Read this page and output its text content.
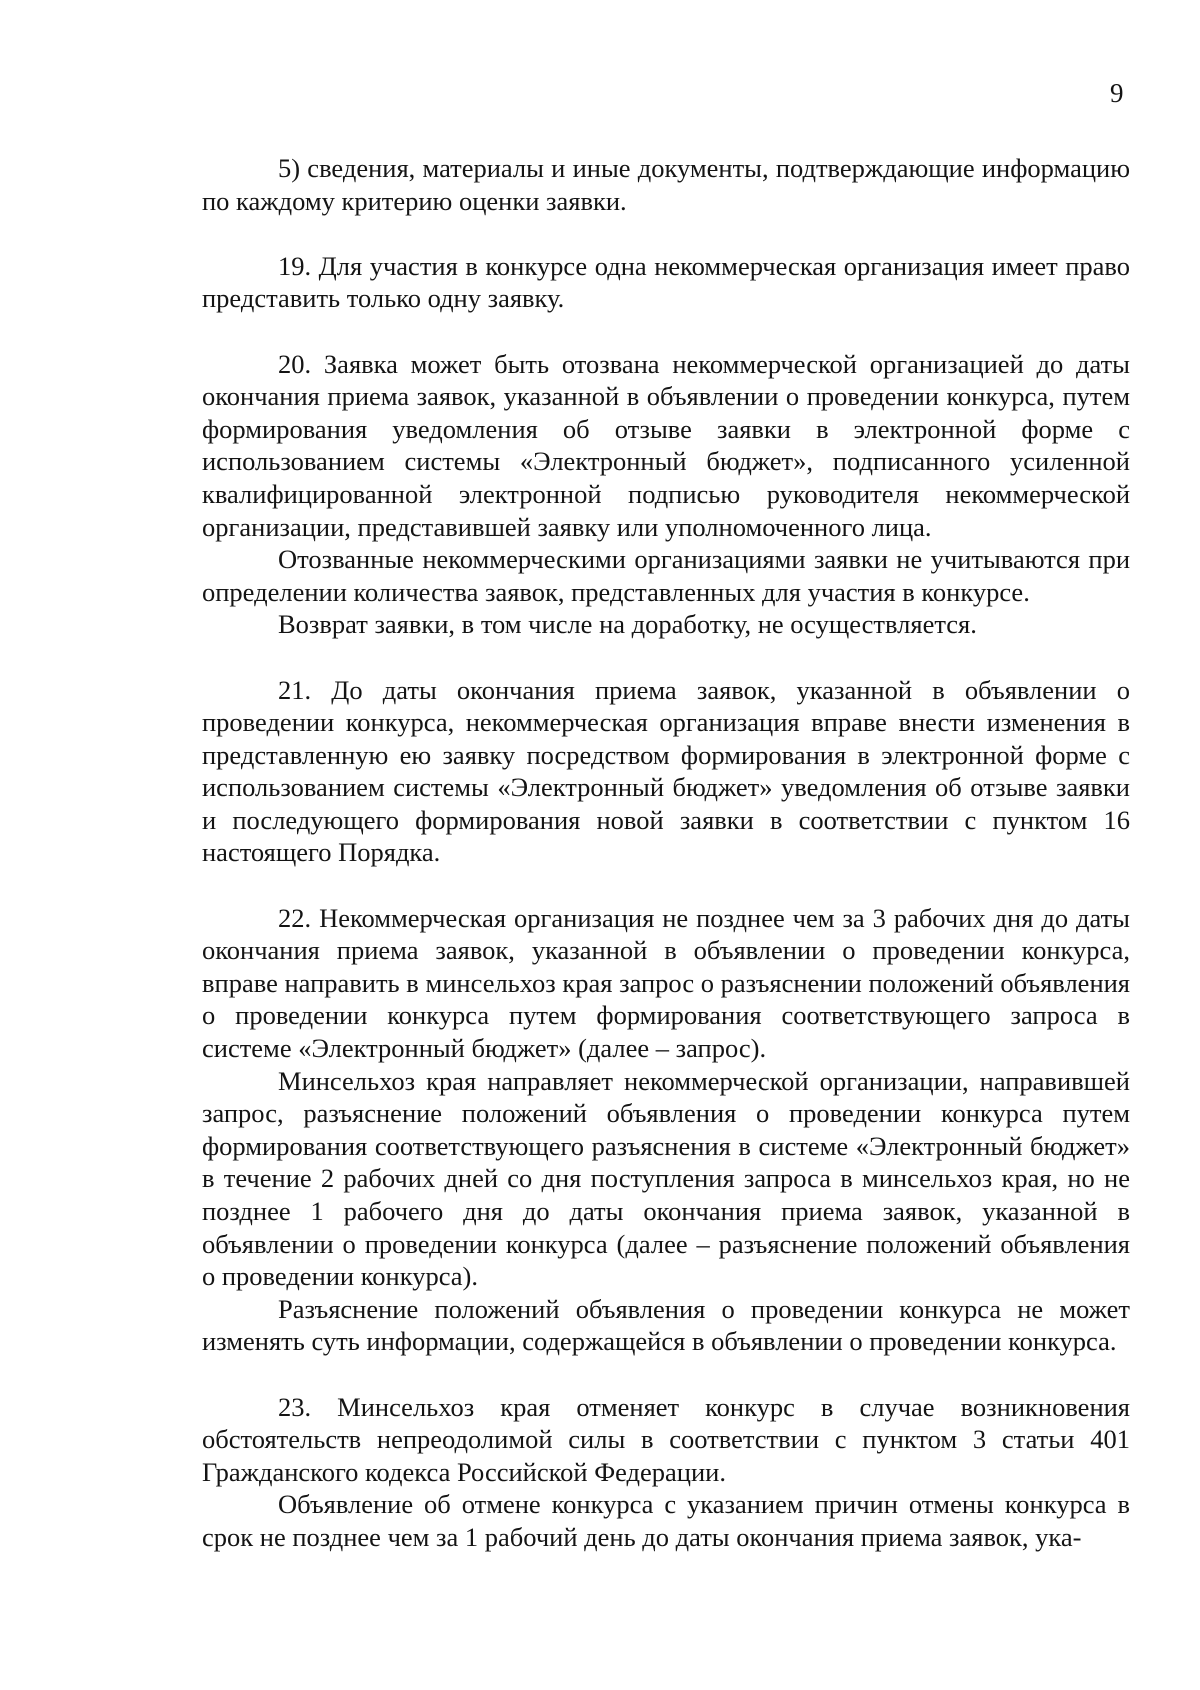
9

5) сведения, материалы и иные документы, подтверждающие информацию по каждому критерию оценки заявки.

19. Для участия в конкурсе одна некоммерческая организация имеет право представить только одну заявку.

20. Заявка может быть отозвана некоммерческой организацией до даты окончания приема заявок, указанной в объявлении о проведении конкурса, путем формирования уведомления об отзыве заявки в электронной форме с использованием системы «Электронный бюджет», подписанного усиленной квалифицированной электронной подписью руководителя некоммерческой организации, представившей заявку или уполномоченного лица.

Отозванные некоммерческими организациями заявки не учитываются при определении количества заявок, представленных для участия в конкурсе.

Возврат заявки, в том числе на доработку, не осуществляется.

21. До даты окончания приема заявок, указанной в объявлении о проведении конкурса, некоммерческая организация вправе внести изменения в представленную ею заявку посредством формирования в электронной форме с использованием системы «Электронный бюджет» уведомления об отзыве заявки и последующего формирования новой заявки в соответствии с пунктом 16 настоящего Порядка.

22. Некоммерческая организация не позднее чем за 3 рабочих дня до даты окончания приема заявок, указанной в объявлении о проведении конкурса, вправе направить в минсельхоз края запрос о разъяснении положений объявления о проведении конкурса путем формирования соответствующего запроса в системе «Электронный бюджет» (далее – запрос).

Минсельхоз края направляет некоммерческой организации, направившей запрос, разъяснение положений объявления о проведении конкурса путем формирования соответствующего разъяснения в системе «Электронный бюджет» в течение 2 рабочих дней со дня поступления запроса в минсельхоз края, но не позднее 1 рабочего дня до даты окончания приема заявок, указанной в объявлении о проведении конкурса (далее – разъяснение положений объявления о проведении конкурса).

Разъяснение положений объявления о проведении конкурса не может изменять суть информации, содержащейся в объявлении о проведении конкурса.

23. Минсельхоз края отменяет конкурс в случае возникновения обстоятельств непреодолимой силы в соответствии с пунктом 3 статьи 401 Гражданского кодекса Российской Федерации.

Объявление об отмене конкурса с указанием причин отмены конкурса в срок не позднее чем за 1 рабочий день до даты окончания приема заявок, ука-
